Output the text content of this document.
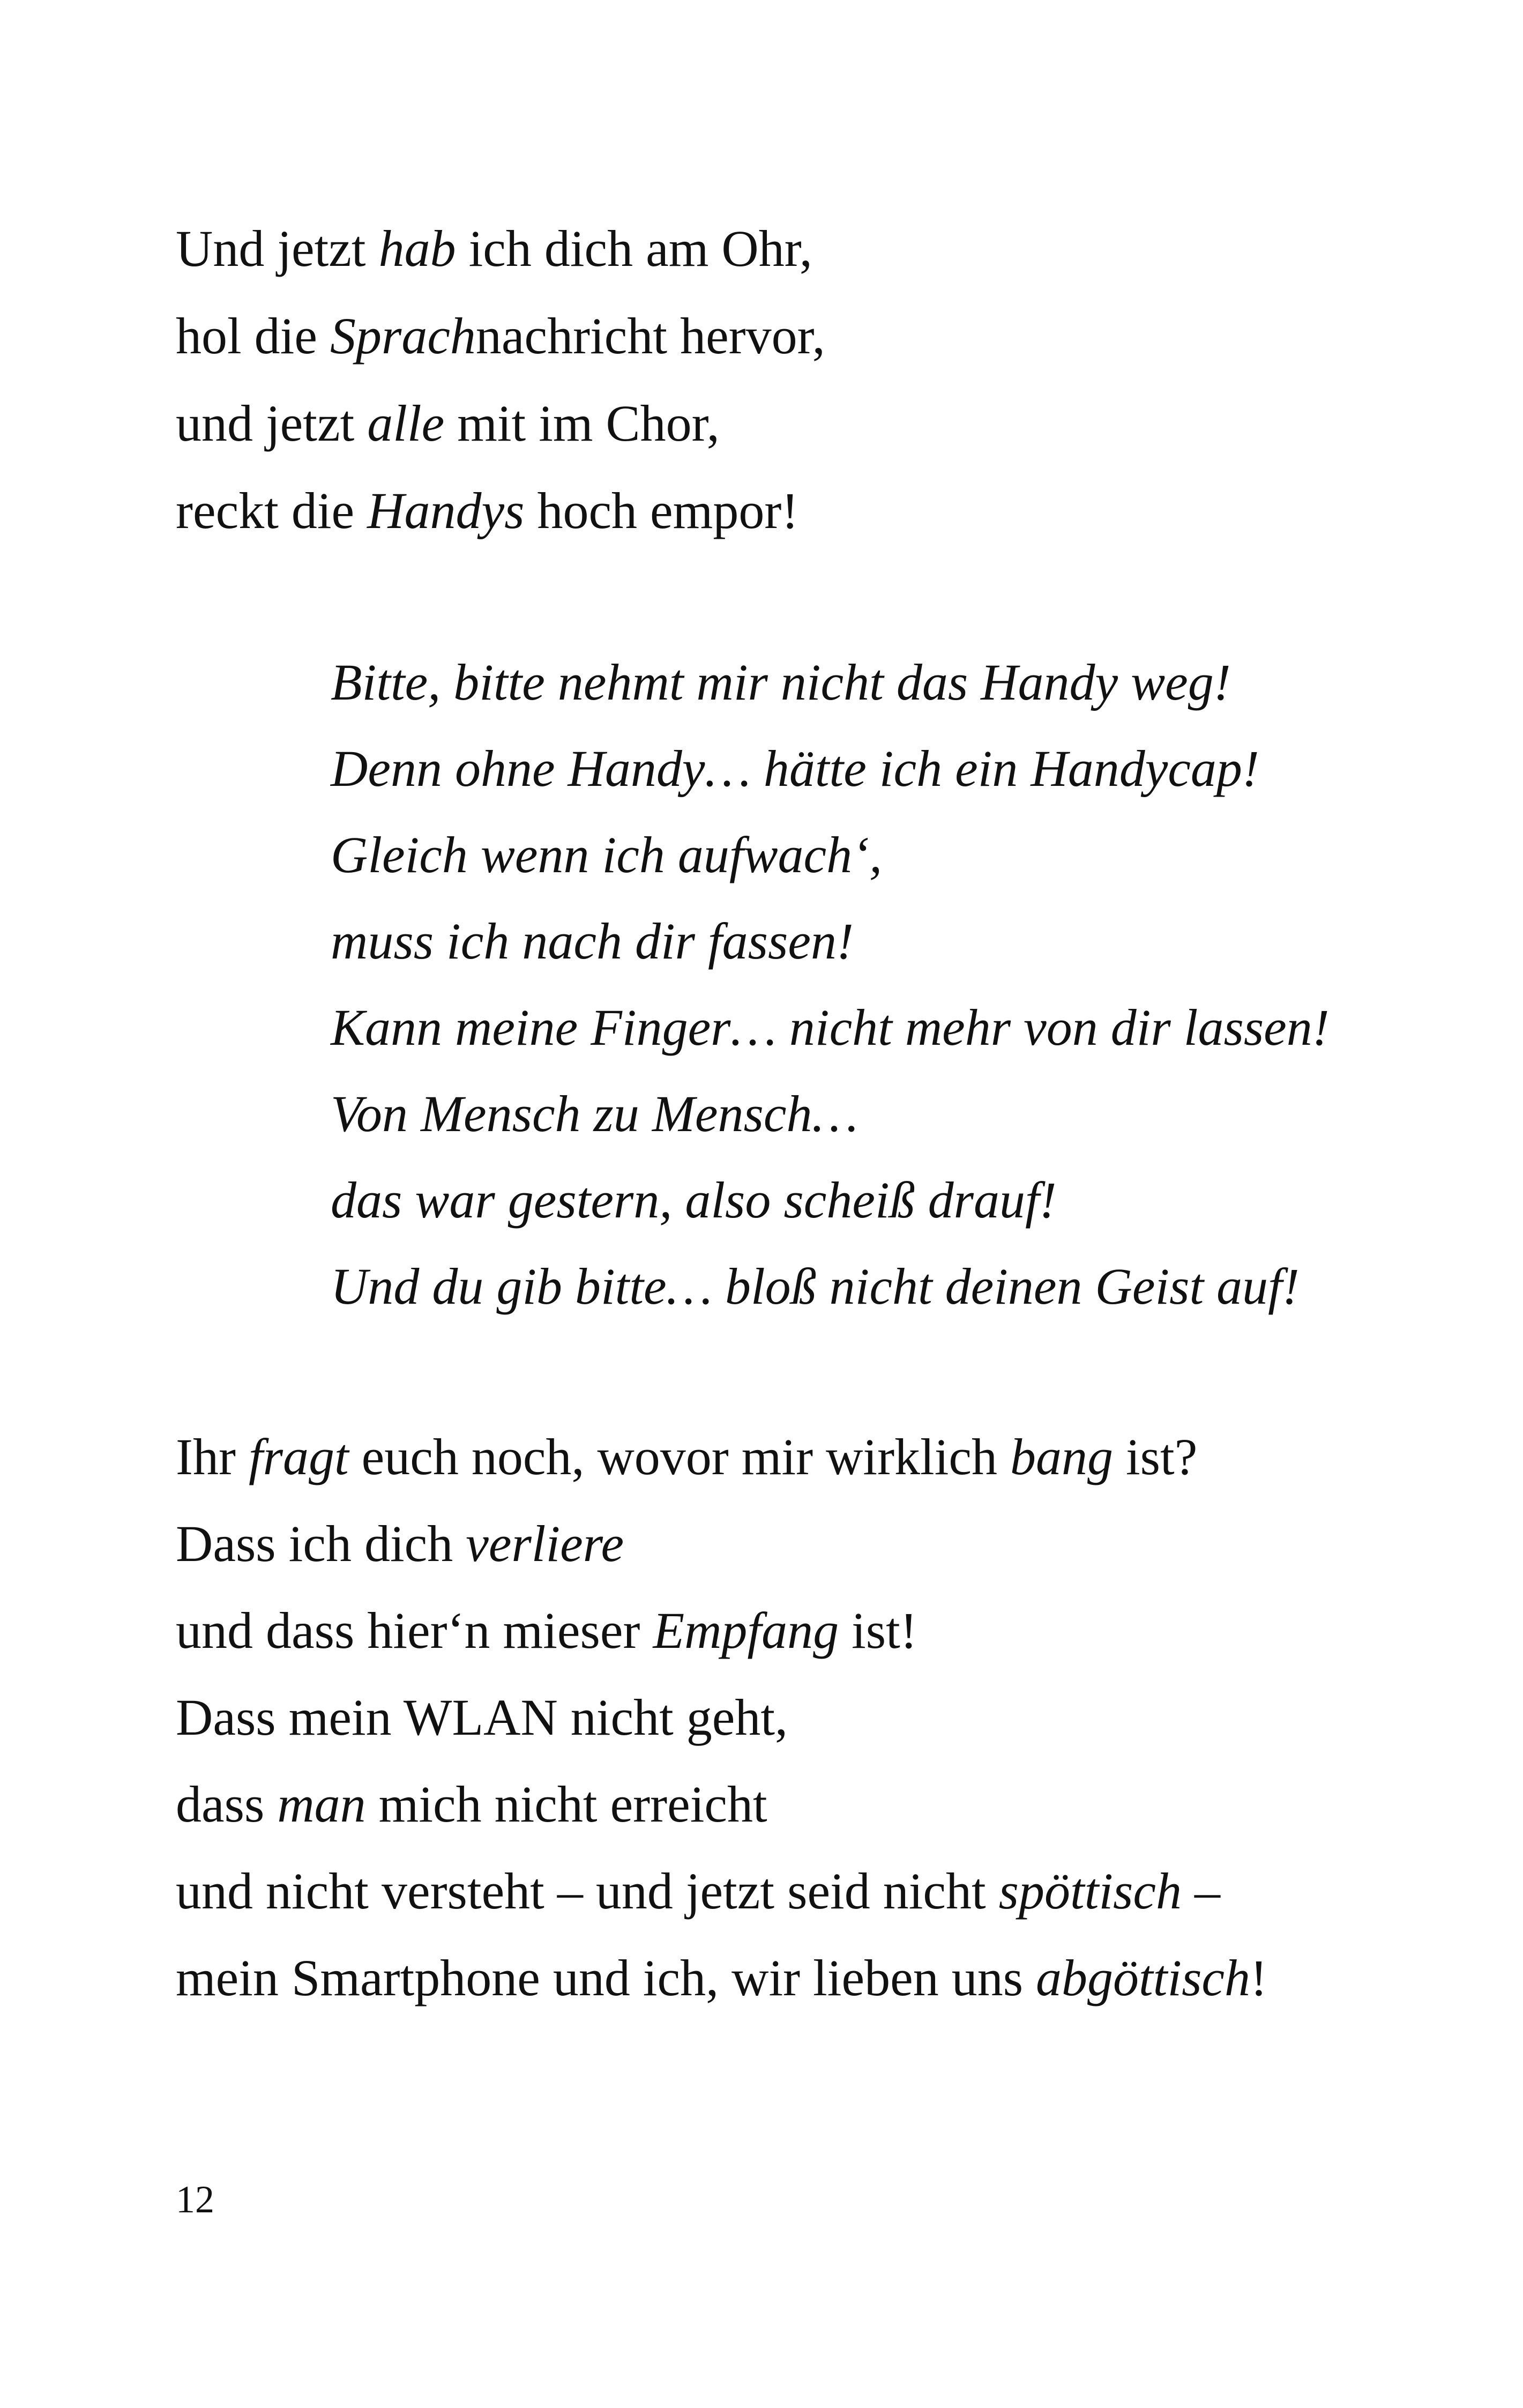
Und jetzt hab ich dich am Ohr,
hol die Sprachnachricht hervor,
und jetzt alle mit im Chor,
reckt die Handys hoch empor!
Bitte, bitte nehmt mir nicht das Handy weg!
Denn ohne Handy… hätte ich ein Handycap!
Gleich wenn ich aufwach‘,
muss ich nach dir fassen!
Kann meine Finger… nicht mehr von dir lassen!
Von Mensch zu Mensch…
das war gestern, also scheiß drauf!
Und du gib bitte… bloß nicht deinen Geist auf!
Ihr fragt euch noch, wovor mir wirklich bang ist?
Dass ich dich verliere
und dass hier‘n mieser Empfang ist!
Dass mein WLAN nicht geht,
dass man mich nicht erreicht
und nicht versteht – und jetzt seid nicht spöttisch –
mein Smartphone und ich, wir lieben uns abgöttisch!
12
